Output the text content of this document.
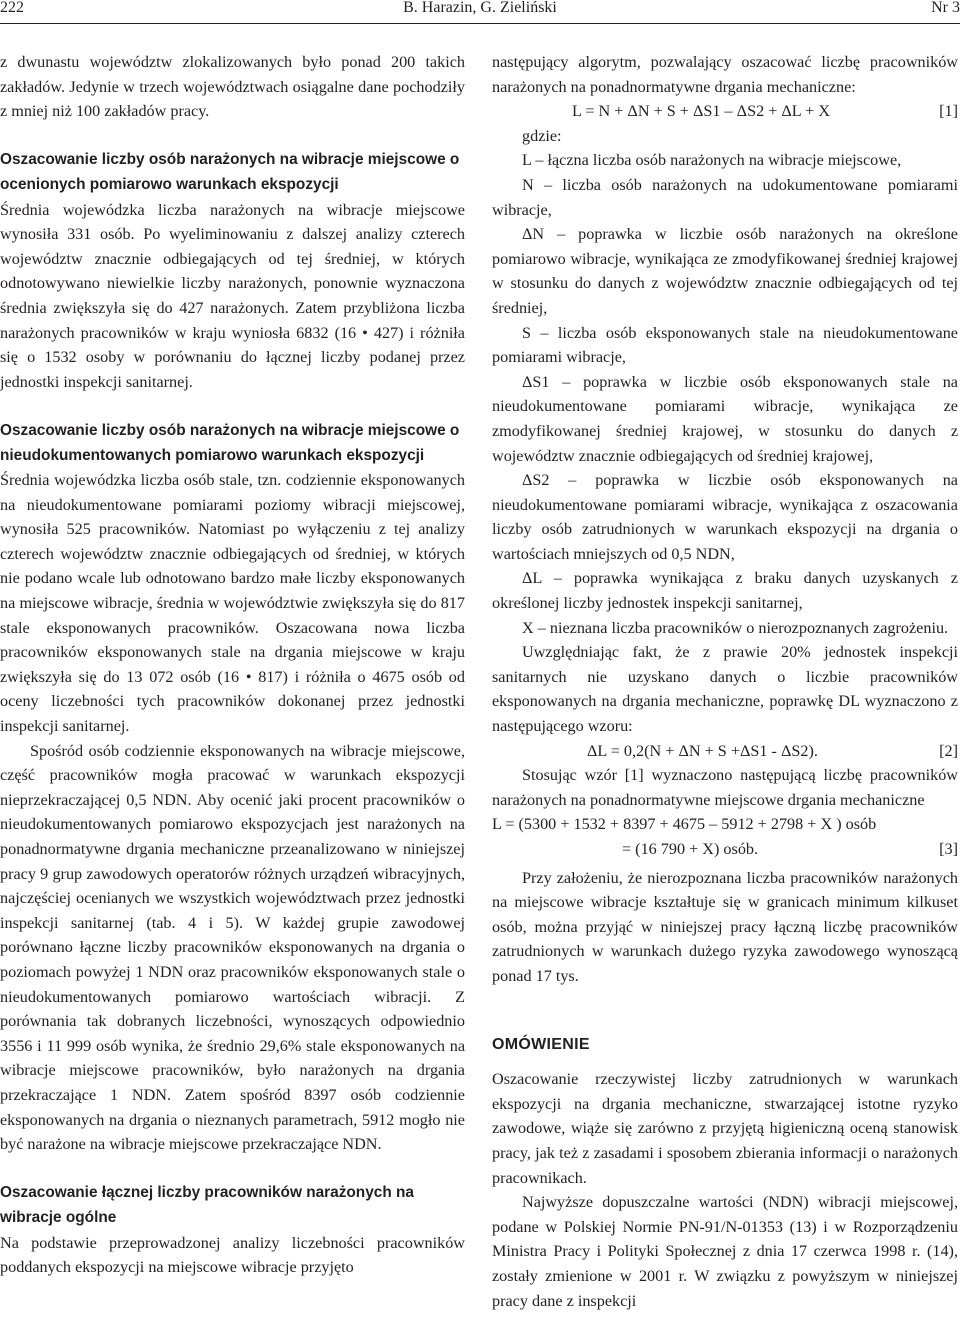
222	B. Harazin, G. Zieliński	Nr 3

z dwunastu województw zlokalizowanych było ponad 200 takich zakładów. Jedynie w trzech województwach osiągalne dane pochodziły z mniej niż 100 zakładów pracy.

Oszacowanie liczby osób narażonych na wibracje miejscowe o ocenionych pomiarowo warunkach ekspozycji

Średnia wojewódzka liczba narażonych na wibracje miejscowe wynosiła 331 osób. Po wyeliminowaniu z dalszej analizy czterech województw znacznie odbiegających od tej średniej, w których odnotowywano niewielkie liczby narażonych, ponownie wyznaczona średnia zwiększyła się do 427 narażonych. Zatem przybliżona liczba narażonych pracowników w kraju wyniosła 6832 (16 • 427) i różniła się o 1532 osoby w porównaniu do łącznej liczby podanej przez jednostki inspekcji sanitarnej.

Oszacowanie liczby osób narażonych na wibracje miejscowe o nieudokumentowanych pomiarowo warunkach ekspozycji

Średnia wojewódzka liczba osób stale, tzn. codziennie eksponowanych na nieudokumentowane pomiarami poziomy wibracji miejscowej, wynosiła 525 pracowników. Natomiast po wyłączeniu z tej analizy czterech województw znacznie odbiegających od średniej, w których nie podano wcale lub odnotowano bardzo małe liczby eksponowanych na miejscowe wibracje, średnia w województwie zwiększyła się do 817 stale eksponowanych pracowników. Oszacowana nowa liczba pracowników eksponowanych stale na drgania miejscowe w kraju zwiększyła się do 13 072 osób (16 • 817) i różniła o 4675 osób od oceny liczebności tych pracowników dokonanej przez jednostki inspekcji sanitarnej.

Spośród osób codziennie eksponowanych na wibracje miejscowe, część pracowników mogła pracować w warunkach ekspozycji nieprzekraczającej 0,5 NDN. Aby ocenić jaki procent pracowników o nieudokumentowanych pomiarowo ekspozycjach jest narażonych na ponadnormatywne drgania mechaniczne przeanalizowano w niniejszej pracy 9 grup zawodowych operatorów różnych urządzeń wibracyjnych, najczęściej ocenianych we wszystkich województwach przez jednostki inspekcji sanitarnej (tab. 4 i 5). W każdej grupie zawodowej porównano łączne liczby pracowników eksponowanych na drgania o poziomach powyżej 1 NDN oraz pracowników eksponowanych stale o nieudokumentowanych pomiarowo wartościach wibracji. Z porównania tak dobranych liczebności, wynoszących odpowiednio 3556 i 11 999 osób wynika, że średnio 29,6% stale eksponowanych na wibracje miejscowe pracowników, było narażonych na drgania przekraczające 1 NDN. Zatem spośród 8397 osób codziennie eksponowanych na drgania o nieznanych parametrach, 5912 mogło nie być narażone na wibracje miejscowe przekraczające NDN.

Oszacowanie łącznej liczby pracowników narażonych na wibracje ogólne

Na podstawie przeprowadzonej analizy liczebności pracowników poddanych ekspozycji na miejscowe wibracje przyjęto

następujący algorytm, pozwalający oszacować liczbę pracowników narażonych na ponadnormatywne drgania mechaniczne:

L = N + ΔN + S + ΔS1 – ΔS2 + ΔL + X	[1]

gdzie:

L – łączna liczba osób narażonych na wibracje miejscowe,

N – liczba osób narażonych na udokumentowane pomiarami wibracje,

ΔN – poprawka w liczbie osób narażonych na określone pomiarowo wibracje, wynikająca ze zmodyfikowanej średniej krajowej w stosunku do danych z województw znacznie odbiegających od tej średniej,

S – liczba osób eksponowanych stale na nieudokumentowane pomiarami wibracje,

ΔS1 – poprawka w liczbie osób eksponowanych stale na nieudokumentowane pomiarami wibracje, wynikająca ze zmodyfikowanej średniej krajowej, w stosunku do danych z województw znacznie odbiegających od średniej krajowej,

ΔS2 – poprawka w liczbie osób eksponowanych na nieudokumentowane pomiarami wibracje, wynikająca z oszacowania liczby osób zatrudnionych w warunkach ekspozycji na drgania o wartościach mniejszych od 0,5 NDN,

ΔL – poprawka wynikająca z braku danych uzyskanych z określonej liczby jednostek inspekcji sanitarnej,

X – nieznana liczba pracowników o nierozpoznanych zagrożeniu.

Uwzględniając fakt, że z prawie 20% jednostek inspekcji sanitarnych nie uzyskano danych o liczbie pracowników eksponowanych na drgania mechaniczne, poprawkę DL wyznaczono z następującego wzoru:

ΔL = 0,2(N + ΔN + S +ΔS1 - ΔS2).	[2]

Stosując wzór [1] wyznaczono następującą liczbę pracowników narażonych na ponadnormatywne miejscowe drgania mechaniczne

L = (5300 + 1532 + 8397 + 4675 – 5912 + 2798 + X ) osób
= (16 790 + X) osób.	[3]

Przy założeniu, że nierozpoznana liczba pracowników narażonych na miejscowe wibracje kształtuje się w granicach minimum kilkuset osób, można przyjąć w niniejszej pracy łączną liczbę pracowników zatrudnionych w warunkach dużego ryzyka zawodowego wynoszącą ponad 17 tys.

OMÓWIENIE

Oszacowanie rzeczywistej liczby zatrudnionych w warunkach ekspozycji na drgania mechaniczne, stwarzającej istotne ryzyko zawodowe, wiąże się zarówno z przyjętą higieniczną oceną stanowisk pracy, jak też z zasadami i sposobem zbierania informacji o narażonych pracownikach.

Najwyższe dopuszczalne wartości (NDN) wibracji miejscowej, podane w Polskiej Normie PN-91/N-01353 (13) i w Rozporządzeniu Ministra Pracy i Polityki Społecznej z dnia 17 czerwca 1998 r. (14), zostały zmienione w 2001 r. W związku z powyższym w niniejszej pracy dane z inspekcji
